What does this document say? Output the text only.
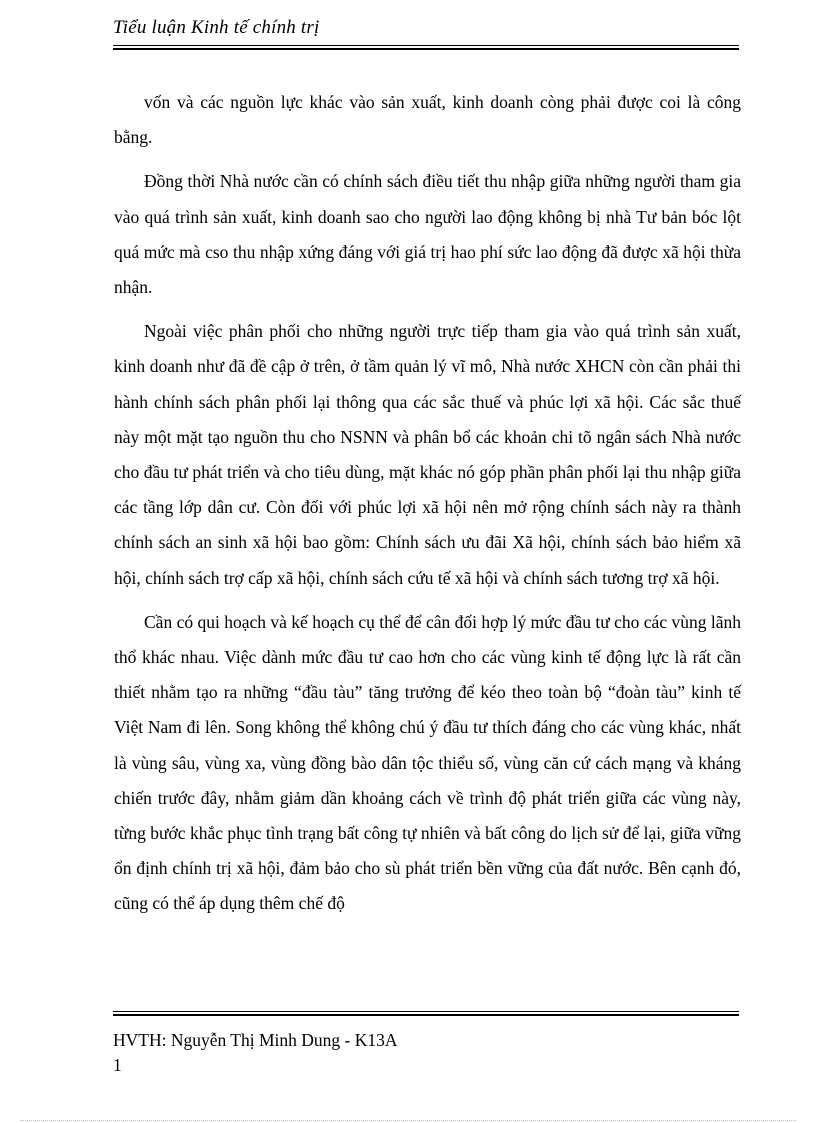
Tiểu luận Kinh tế chính trị

vốn và các nguồn lực khác vào sản xuất, kinh doanh còng phải được coi là công bằng.

Đồng thời Nhà nước cần có chính sách điều tiết thu nhập giữa những người tham gia vào quá trình sản xuất, kinh doanh sao cho người lao động không bị nhà Tư bản bóc lột quá mức mà cso thu nhập xứng đáng với giá trị hao phí sức lao động đã được xã hội thừa nhận.

Ngoài việc phân phối cho những người trực tiếp tham gia vào quá trình sản xuất, kinh doanh như đã đề cập ở trên, ở tầm quản lý vĩ mô, Nhà nước XHCN còn cần phải thi hành chính sách phân phối lại thông qua các sắc thuế và phúc lợi xã hội. Các sắc thuế này một mặt tạo nguồn thu cho NSNN và phân bổ các khoản chi tõ ngân sách Nhà nước cho đầu tư phát triển và cho tiêu dùng, mặt khác nó góp phần phân phối lại thu nhập giữa các tầng lớp dân cư. Còn đối với phúc lợi xã hội nên mở rộng chính sách này ra thành chính sách an sinh xã hội bao gồm: Chính sách ưu đãi Xã hội, chính sách bảo hiểm xã hội, chính sách trợ cấp xã hội, chính sách cứu tế xã hội và chính sách tương trợ xã hội.

Cần có qui hoạch và kế hoạch cụ thể để cân đối hợp lý mức đầu tư cho các vùng lãnh thổ khác nhau. Việc dành mức đầu tư cao hơn cho các vùng kinh tế động lực là rất cần thiết nhằm tạo ra những “đầu tàu” tăng trưởng để kéo theo toàn bộ “đoàn tàu” kinh tế Việt Nam đi lên. Song không thể không chú ý đầu tư thích đáng cho các vùng khác, nhất là vùng sâu, vùng xa, vùng đồng bào dân tộc thiểu số, vùng căn cứ cách mạng và kháng chiến trước đây, nhằm giảm dần khoảng cách về trình độ phát triển giữa các vùng này, từng bước khắc phục tình trạng bất công tự nhiên và bất công do lịch sử để lại, giữa vững ổn định chính trị xã hội, đảm bảo cho sù phát triển bền vững của đất nước. Bên cạnh đó, cũng có thể áp dụng thêm chế độ

HVTH: Nguyễn Thị Minh Dung - K13A
1
